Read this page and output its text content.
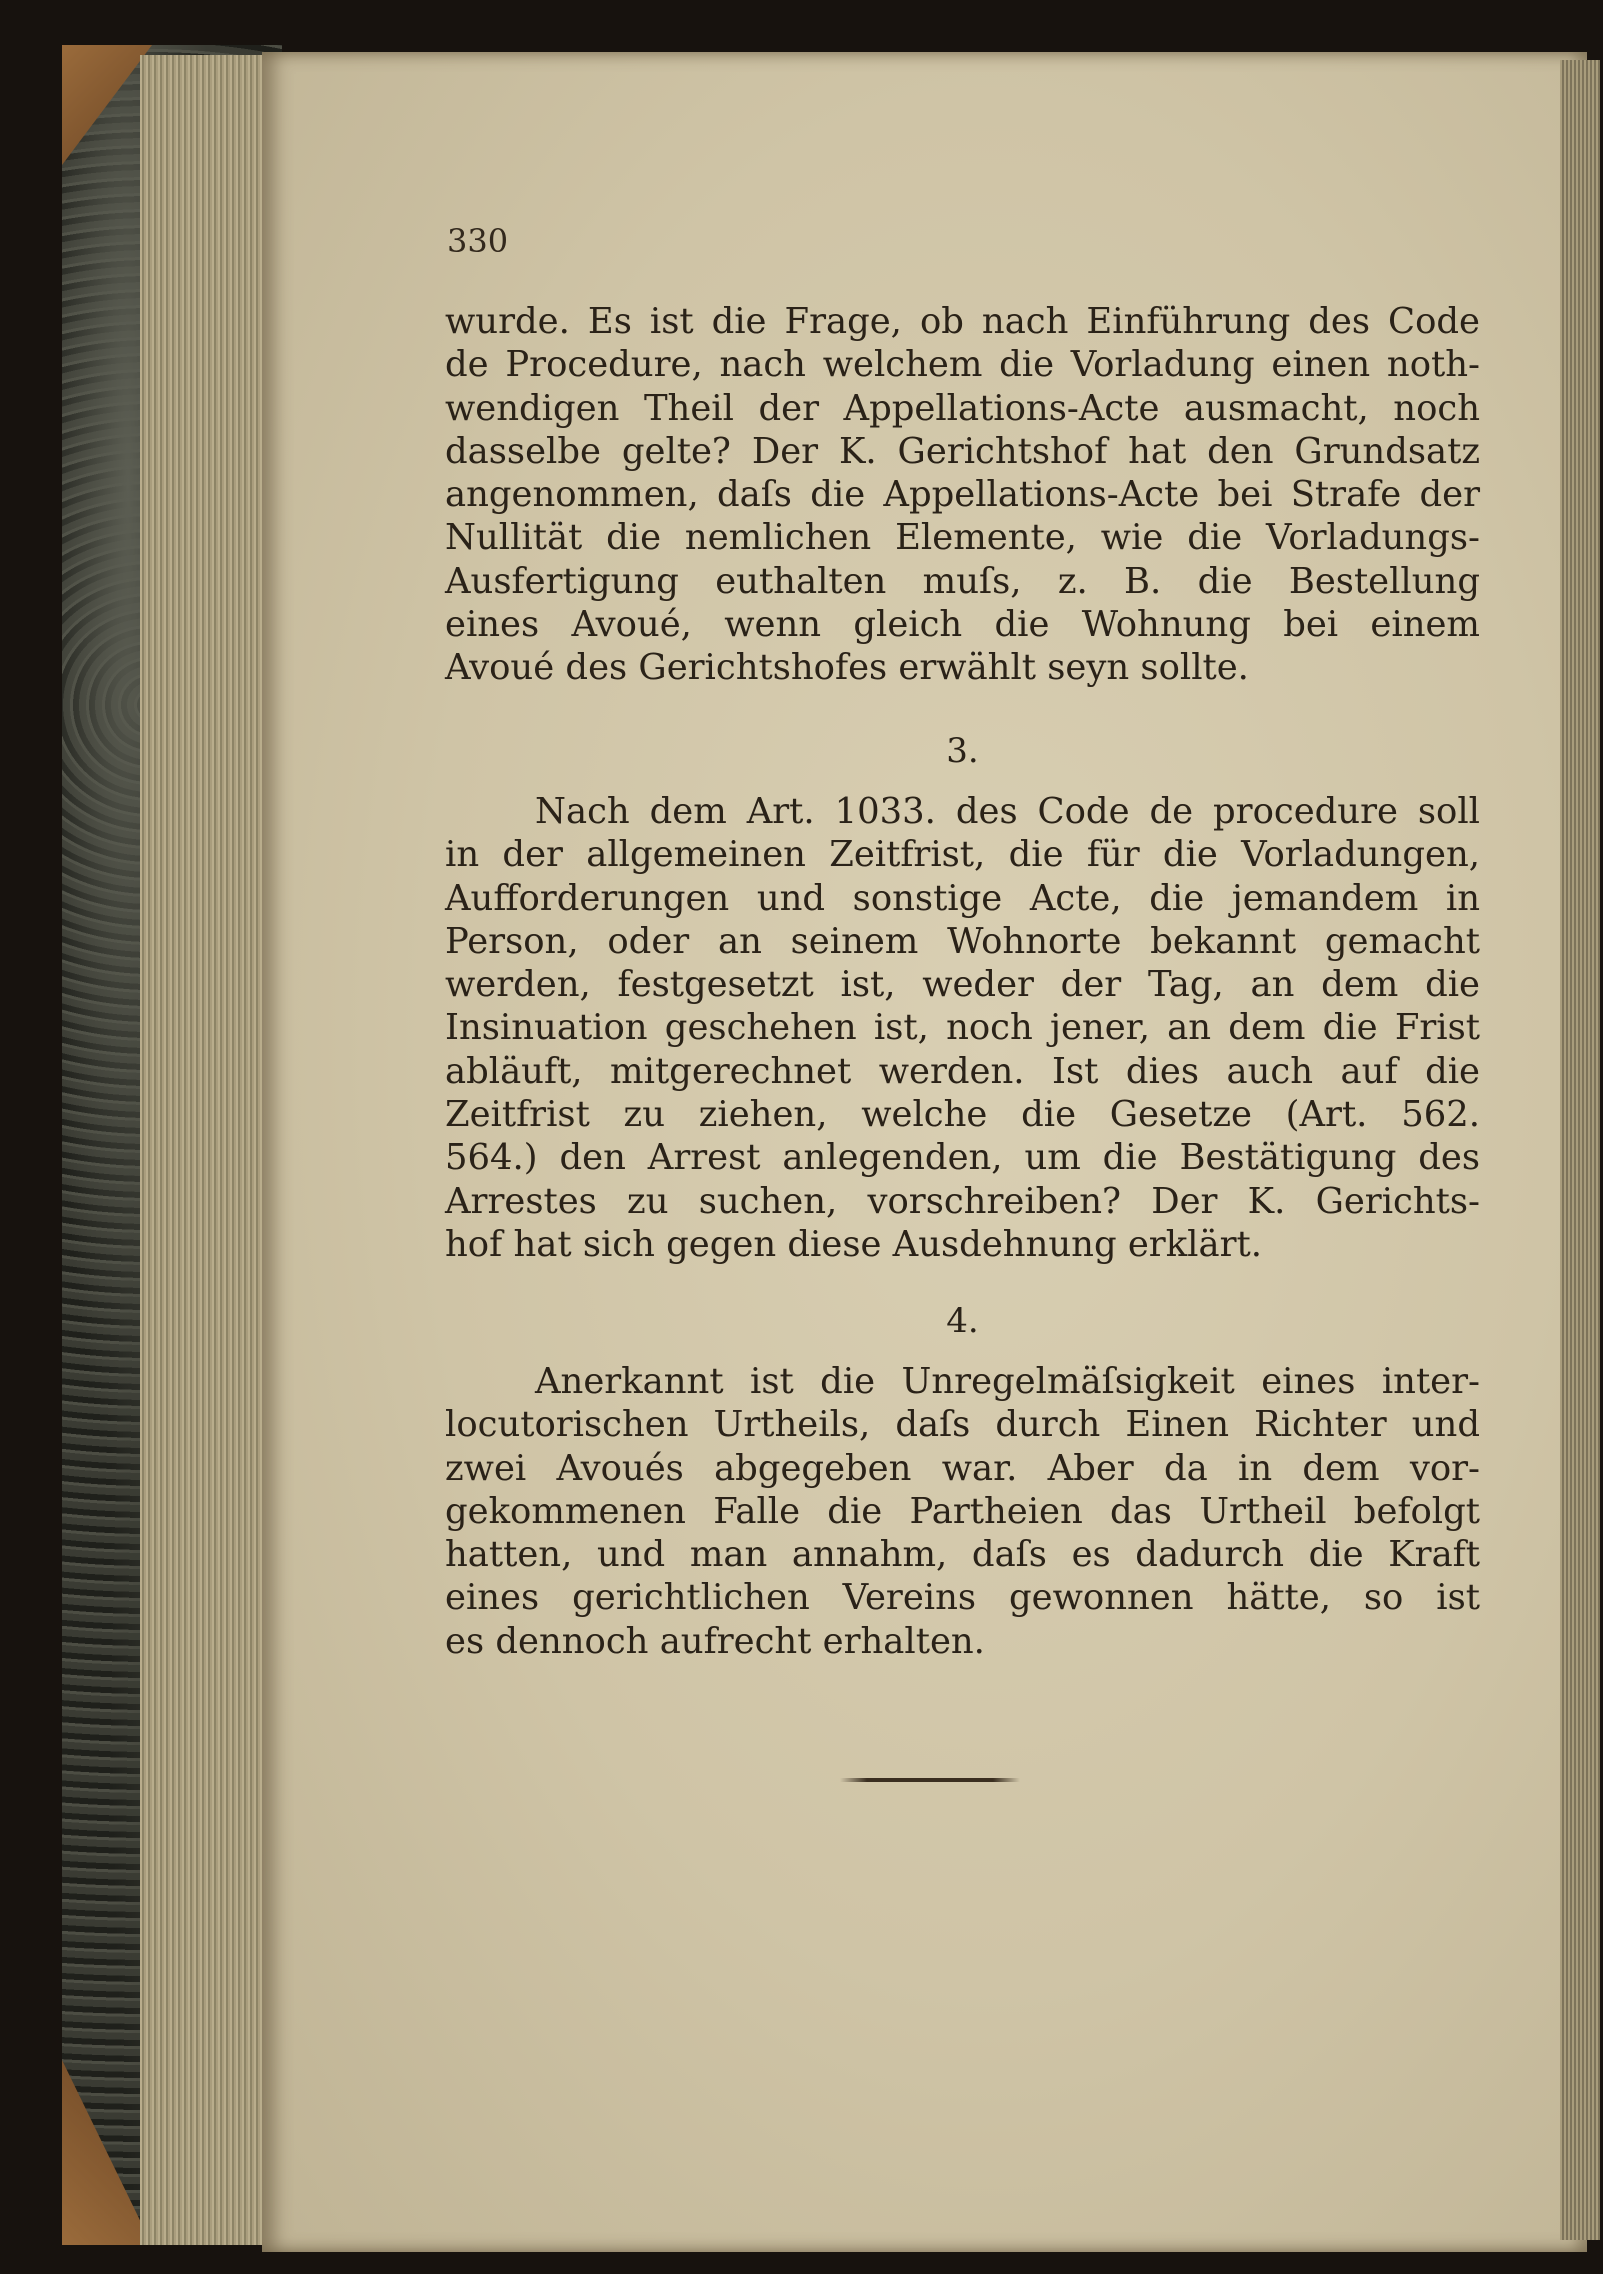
330

wurde. Es ist die Frage, ob nach Einführung des Code
de Procedure, nach welchem die Vorladung einen noth-
wendigen Theil der Appellations-Acte ausmacht, noch
dasselbe gelte? Der K. Gerichtshof hat den Grundsatz
angenommen, daſs die Appellations-Acte bei Strafe der
Nullität die nemlichen Elemente, wie die Vorladungs-
Ausfertigung euthalten muſs, z. B. die Bestellung
eines Avoué, wenn gleich die Wohnung bei einem
Avoué des Gerichtshofes erwählt seyn sollte.

3.

Nach dem Art. 1033. des Code de procedure soll
in der allgemeinen Zeitfrist, die für die Vorladungen,
Aufforderungen und sonstige Acte, die jemandem in
Person, oder an seinem Wohnorte bekannt gemacht
werden, festgesetzt ist, weder der Tag, an dem die
Insinuation geschehen ist, noch jener, an dem die Frist
abläuft, mitgerechnet werden. Ist dies auch auf die
Zeitfrist zu ziehen, welche die Gesetze (Art. 562.
564.) den Arrest anlegenden, um die Bestätigung des
Arrestes zu suchen, vorschreiben? Der K. Gerichts-
hof hat sich gegen diese Ausdehnung erklärt.

4.

Anerkannt ist die Unregelmäſsigkeit eines inter-
locutorischen Urtheils, daſs durch Einen Richter und
zwei Avoués abgegeben war. Aber da in dem vor-
gekommenen Falle die Partheien das Urtheil befolgt
hatten, und man annahm, daſs es dadurch die Kraft
eines gerichtlichen Vereins gewonnen hätte, so ist
es dennoch aufrecht erhalten.
